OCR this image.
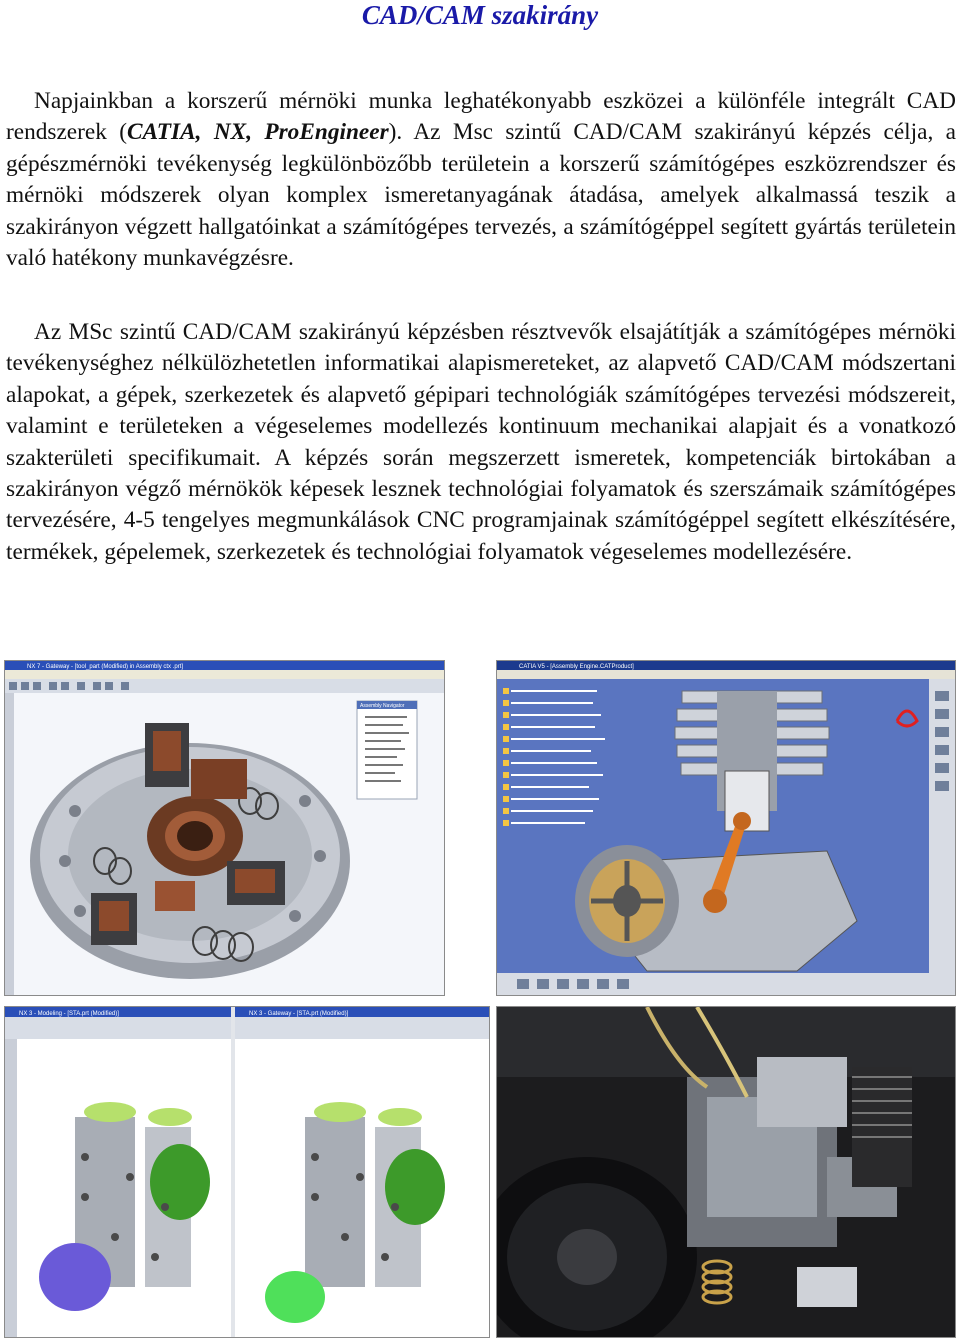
CAD/CAM szakirány

Napjainkban a korszerű mérnöki munka leghatékonyabb eszközei a különféle integrált CAD rendszerek (CATIA, NX, ProEngineer). Az Msc szintű CAD/CAM szakirányú képzés célja, a gépészmérnöki tevékenység legkülönbözőbb területein a korszerű számítógépes eszközrendszer és mérnöki módszerek olyan komplex ismeretanyagának átadása, amelyek alkalmassá teszik a szakirányon végzett hallgatóinkat a számítógépes tervezés, a számítógéppel segített gyártás területein való hatékony munkavégzésre.

Az MSc szintű CAD/CAM szakirányú képzésben résztvevők elsajátítják a számítógépes mérnöki tevékenységhez nélkülözhetetlen informatikai alapismereteket, az alapvető CAD/CAM módszertani alapokat, a gépek, szerkezetek és alapvető gépipari technológiák számítógépes tervezési módszereit, valamint e területeken a végeselemes modellezés kontinuum mechanikai alapjait és a vonatkozó szakterületi specifikumait. A képzés során megszerzett ismeretek, kompetenciák birtokában a szakirányon végző mérnökök képesek lesznek technológiai folyamatok és szerszámaik számítógépes tervezésére, 4-5 tengelyes megmunkálások CNC programjainak számítógéppel segített elkészítésére, termékek, gépelemek, szerkezetek és technológiai folyamatok végeselemes modellezésére.

NX 7 - Gateway - [tool_part (Modified) in Assembly ctx .prt]
Assembly Navigator
CATIA V5 - [Assembly Engine.CATProduct]
NX 3 - Modeling - [STA.prt (Modified)]	NX 3 - Gateway - [STA.prt (Modified)]
